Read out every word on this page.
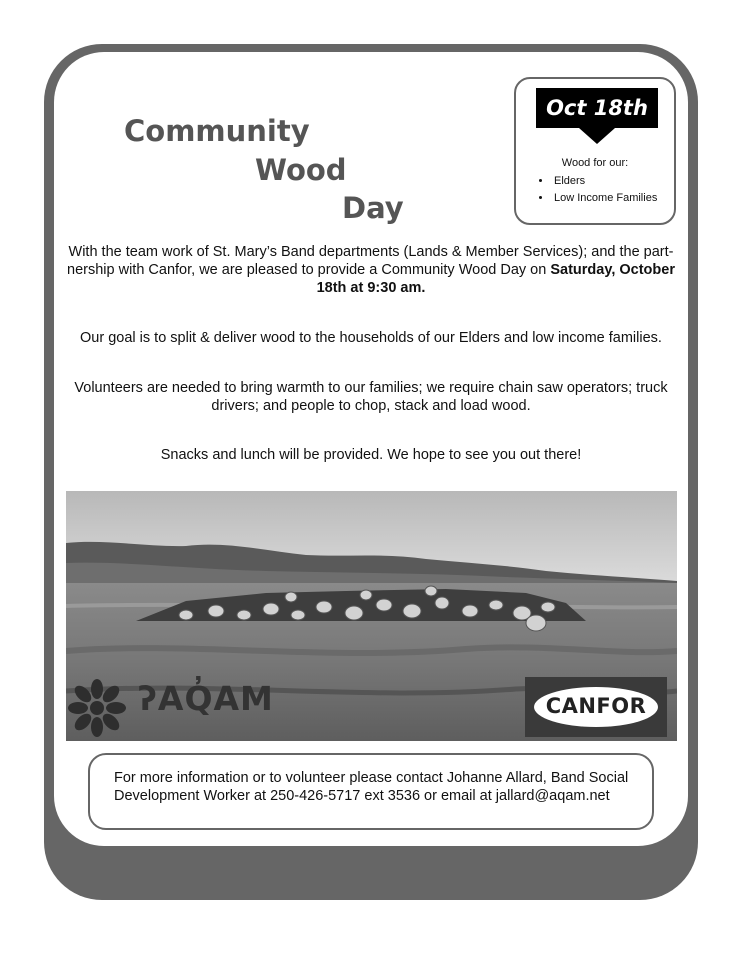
Community
Wood
Day
Oct 18th
Wood for our:
• Elders
• Low Income Families
With the team work of St. Mary’s Band departments (Lands & Member Services); and the part-nership with Canfor, we are pleased to provide a Community Wood Day on Saturday, October 18th at 9:30 am.
Our goal is to split & deliver wood to the households of our Elders and low income families.
Volunteers are needed to bring warmth to our families; we require chain saw operators; truck drivers; and people to chop, stack and load wood.
Snacks and lunch will be provided. We hope to see you out there!
ʔAQ̓AM	CANFOR
For more information or to volunteer please contact Johanne Allard, Band Social Development Worker at 250-426-5717 ext 3536 or email at jallard@aqam.net
